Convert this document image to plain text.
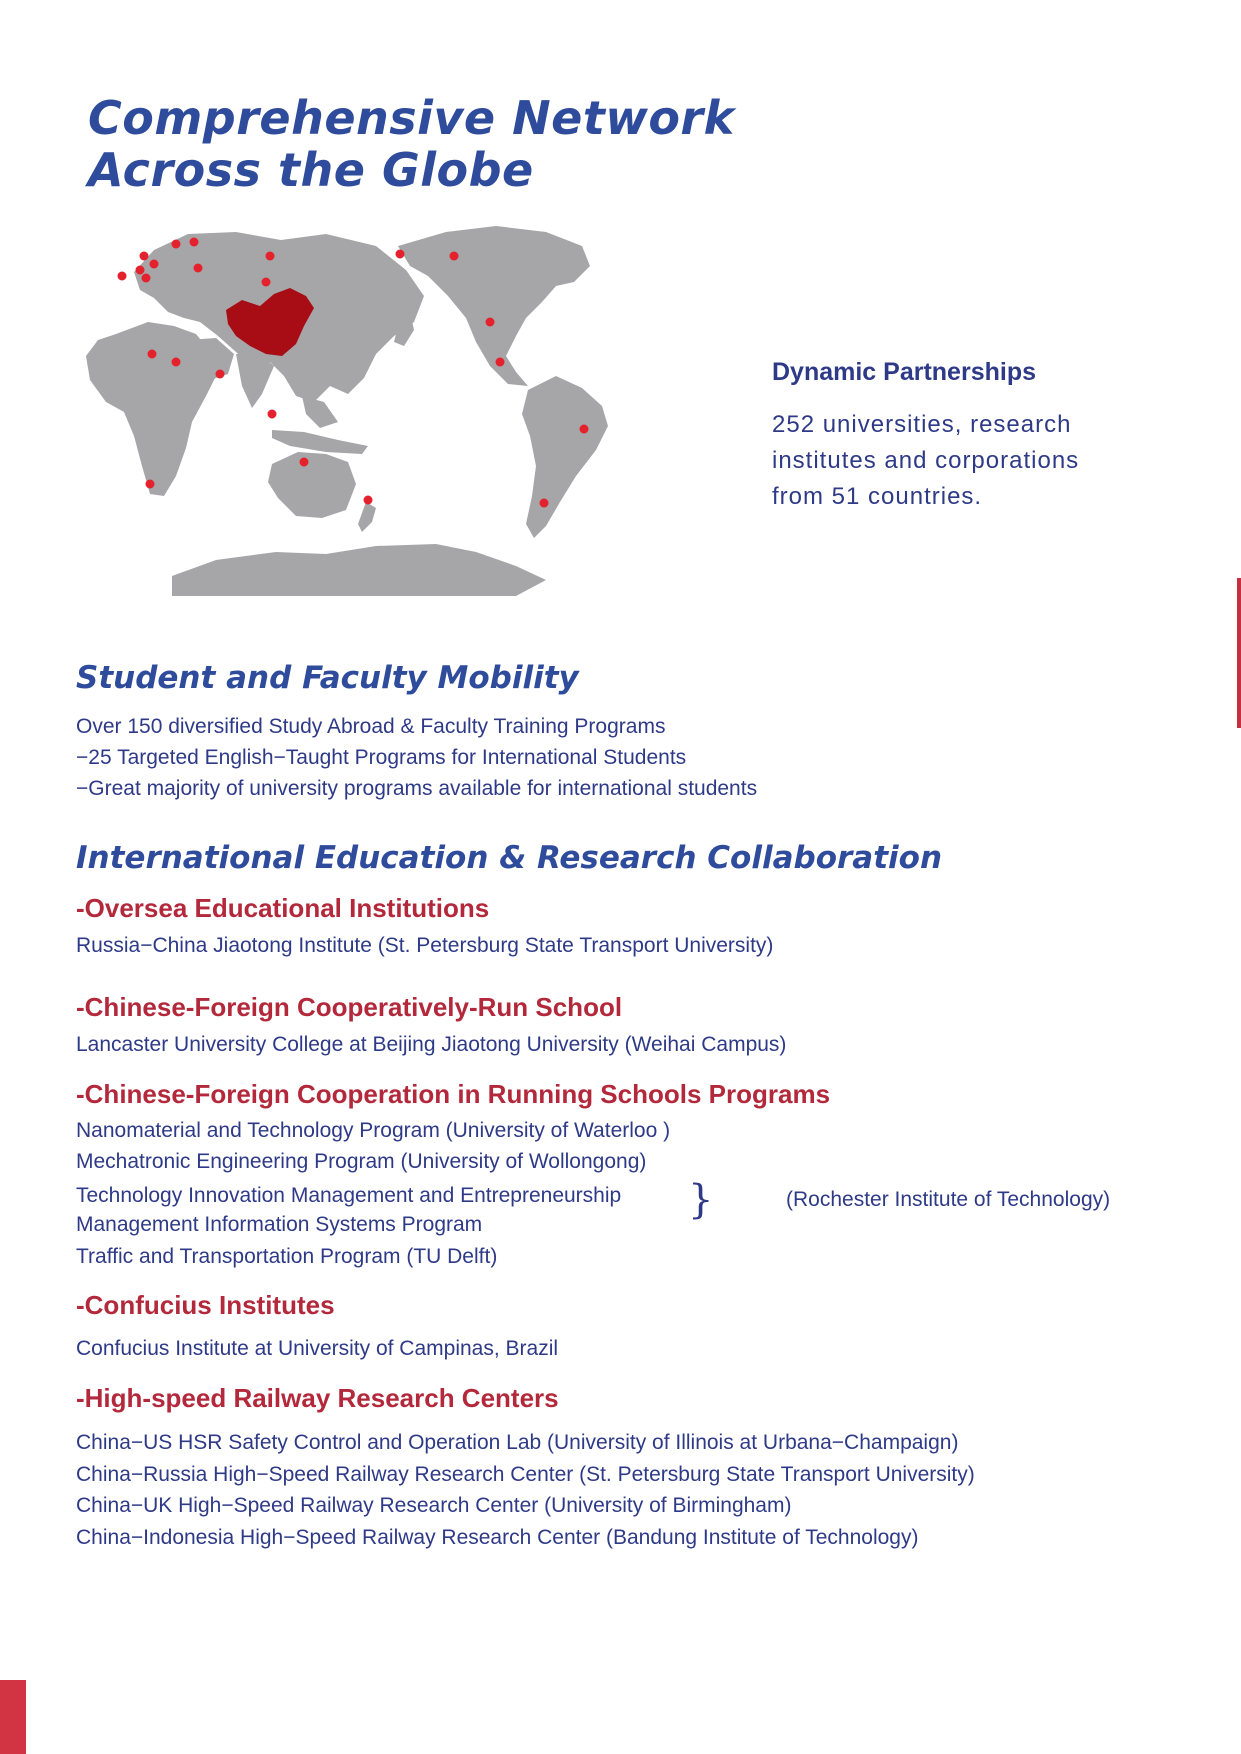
Comprehensive Network
Across the Globe
Dynamic Partnerships

252 universities, research

institutes and corporations

from 51 countries.

Student and Faculty Mobility

Over 150 diversified Study Abroad & Faculty Training Programs

−25 Targeted English−Taught Programs for International Students

−Great majority of university programs available for international students

International Education & Research Collaboration
-Oversea Educational Institutions

Russia−China Jiaotong Institute (St. Petersburg State Transport University)

-Chinese-Foreign Cooperatively-Run School

Lancaster University College at Beijing Jiaotong University (Weihai Campus)

-Chinese-Foreign Cooperation in Running Schools Programs

Nanomaterial and Technology Program (University of Waterloo )

Mechatronic Engineering Program (University of Wollongong)

Technology Innovation Management and Entrepreneurship

Management Information Systems Program

}	(Rochester Institute of Technology)

Traffic and Transportation Program (TU Delft)

-Confucius Institutes

Confucius Institute at University of Campinas, Brazil

-High-speed Railway Research Centers

China−US HSR Safety Control and Operation Lab (University of Illinois at Urbana−Champaign)

China−Russia High−Speed Railway Research Center (St. Petersburg State Transport University)

China−UK High−Speed Railway Research Center (University of Birmingham)

China−Indonesia High−Speed Railway Research Center (Bandung Institute of Technology)
